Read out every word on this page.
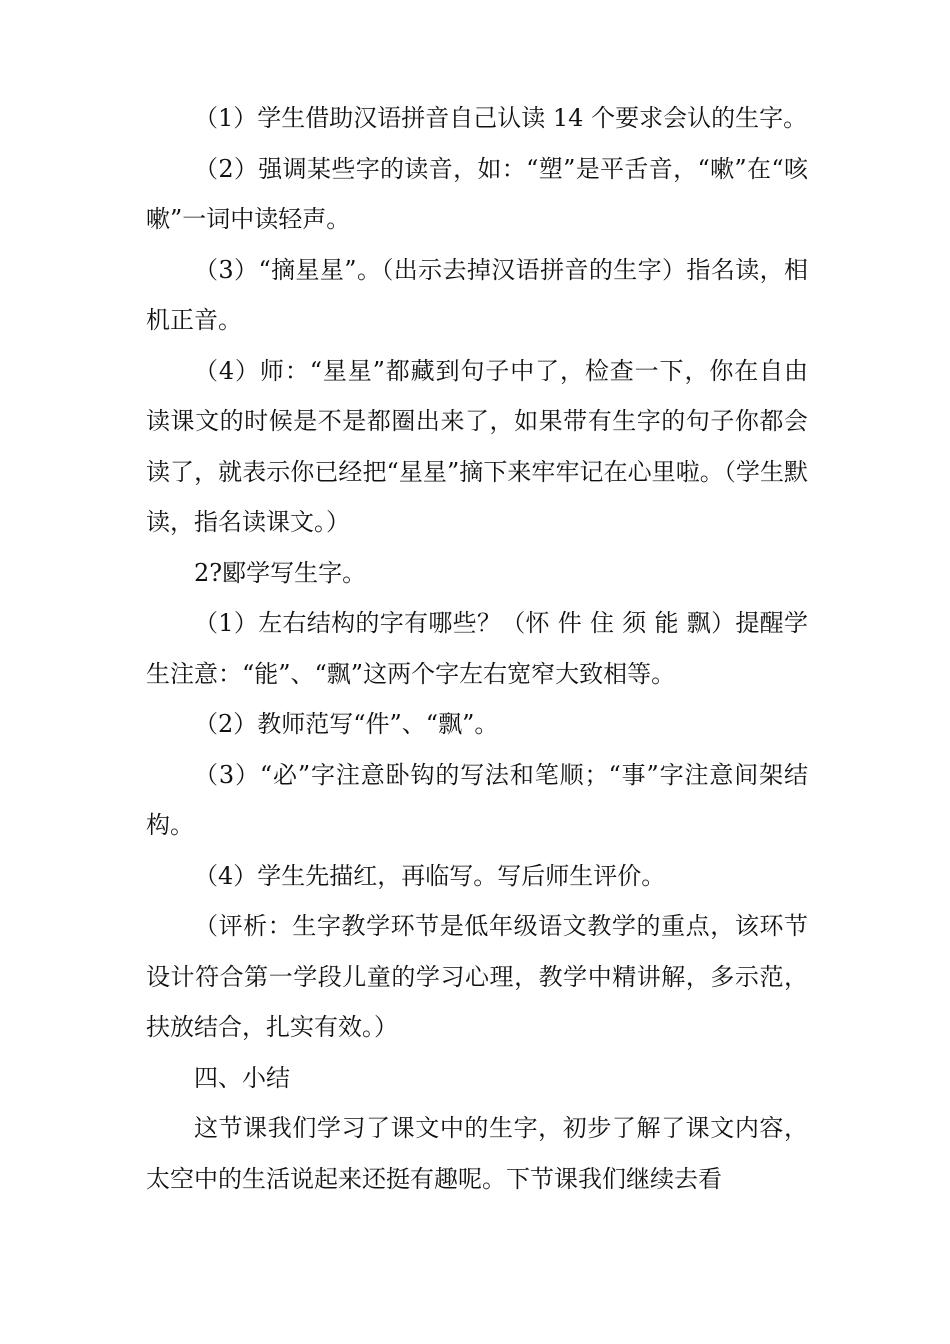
（1）学生借助汉语拼音自己认读 14 个要求会认的生字。

（2）强调某些字的读音，如：“塑”是平舌音，“嗽”在“咳嗽”一词中读轻声。

（3）“摘星星”。（出示去掉汉语拼音的生字）指名读，相机正音。

（4）师：“星星”都藏到句子中了，检查一下，你在自由读课文的时候是不是都圈出来了，如果带有生字的句子你都会读了，就表示你已经把“星星”摘下来牢牢记在心里啦。（学生默读，指名读课文。）

2?郾学写生字。

（1）左右结构的字有哪些？（怀 件 住 须 能 飘）提醒学生注意：“能”、“飘”这两个字左右宽窄大致相等。

（2）教师范写“件”、“飘”。

（3）“必”字注意卧钩的写法和笔顺；“事”字注意间架结构。

（4）学生先描红，再临写。写后师生评价。

（评析：生字教学环节是低年级语文教学的重点，该环节设计符合第一学段儿童的学习心理，教学中精讲解，多示范，扶放结合，扎实有效。）

四、小结

这节课我们学习了课文中的生字，初步了解了课文内容，太空中的生活说起来还挺有趣呢。下节课我们继续去看
